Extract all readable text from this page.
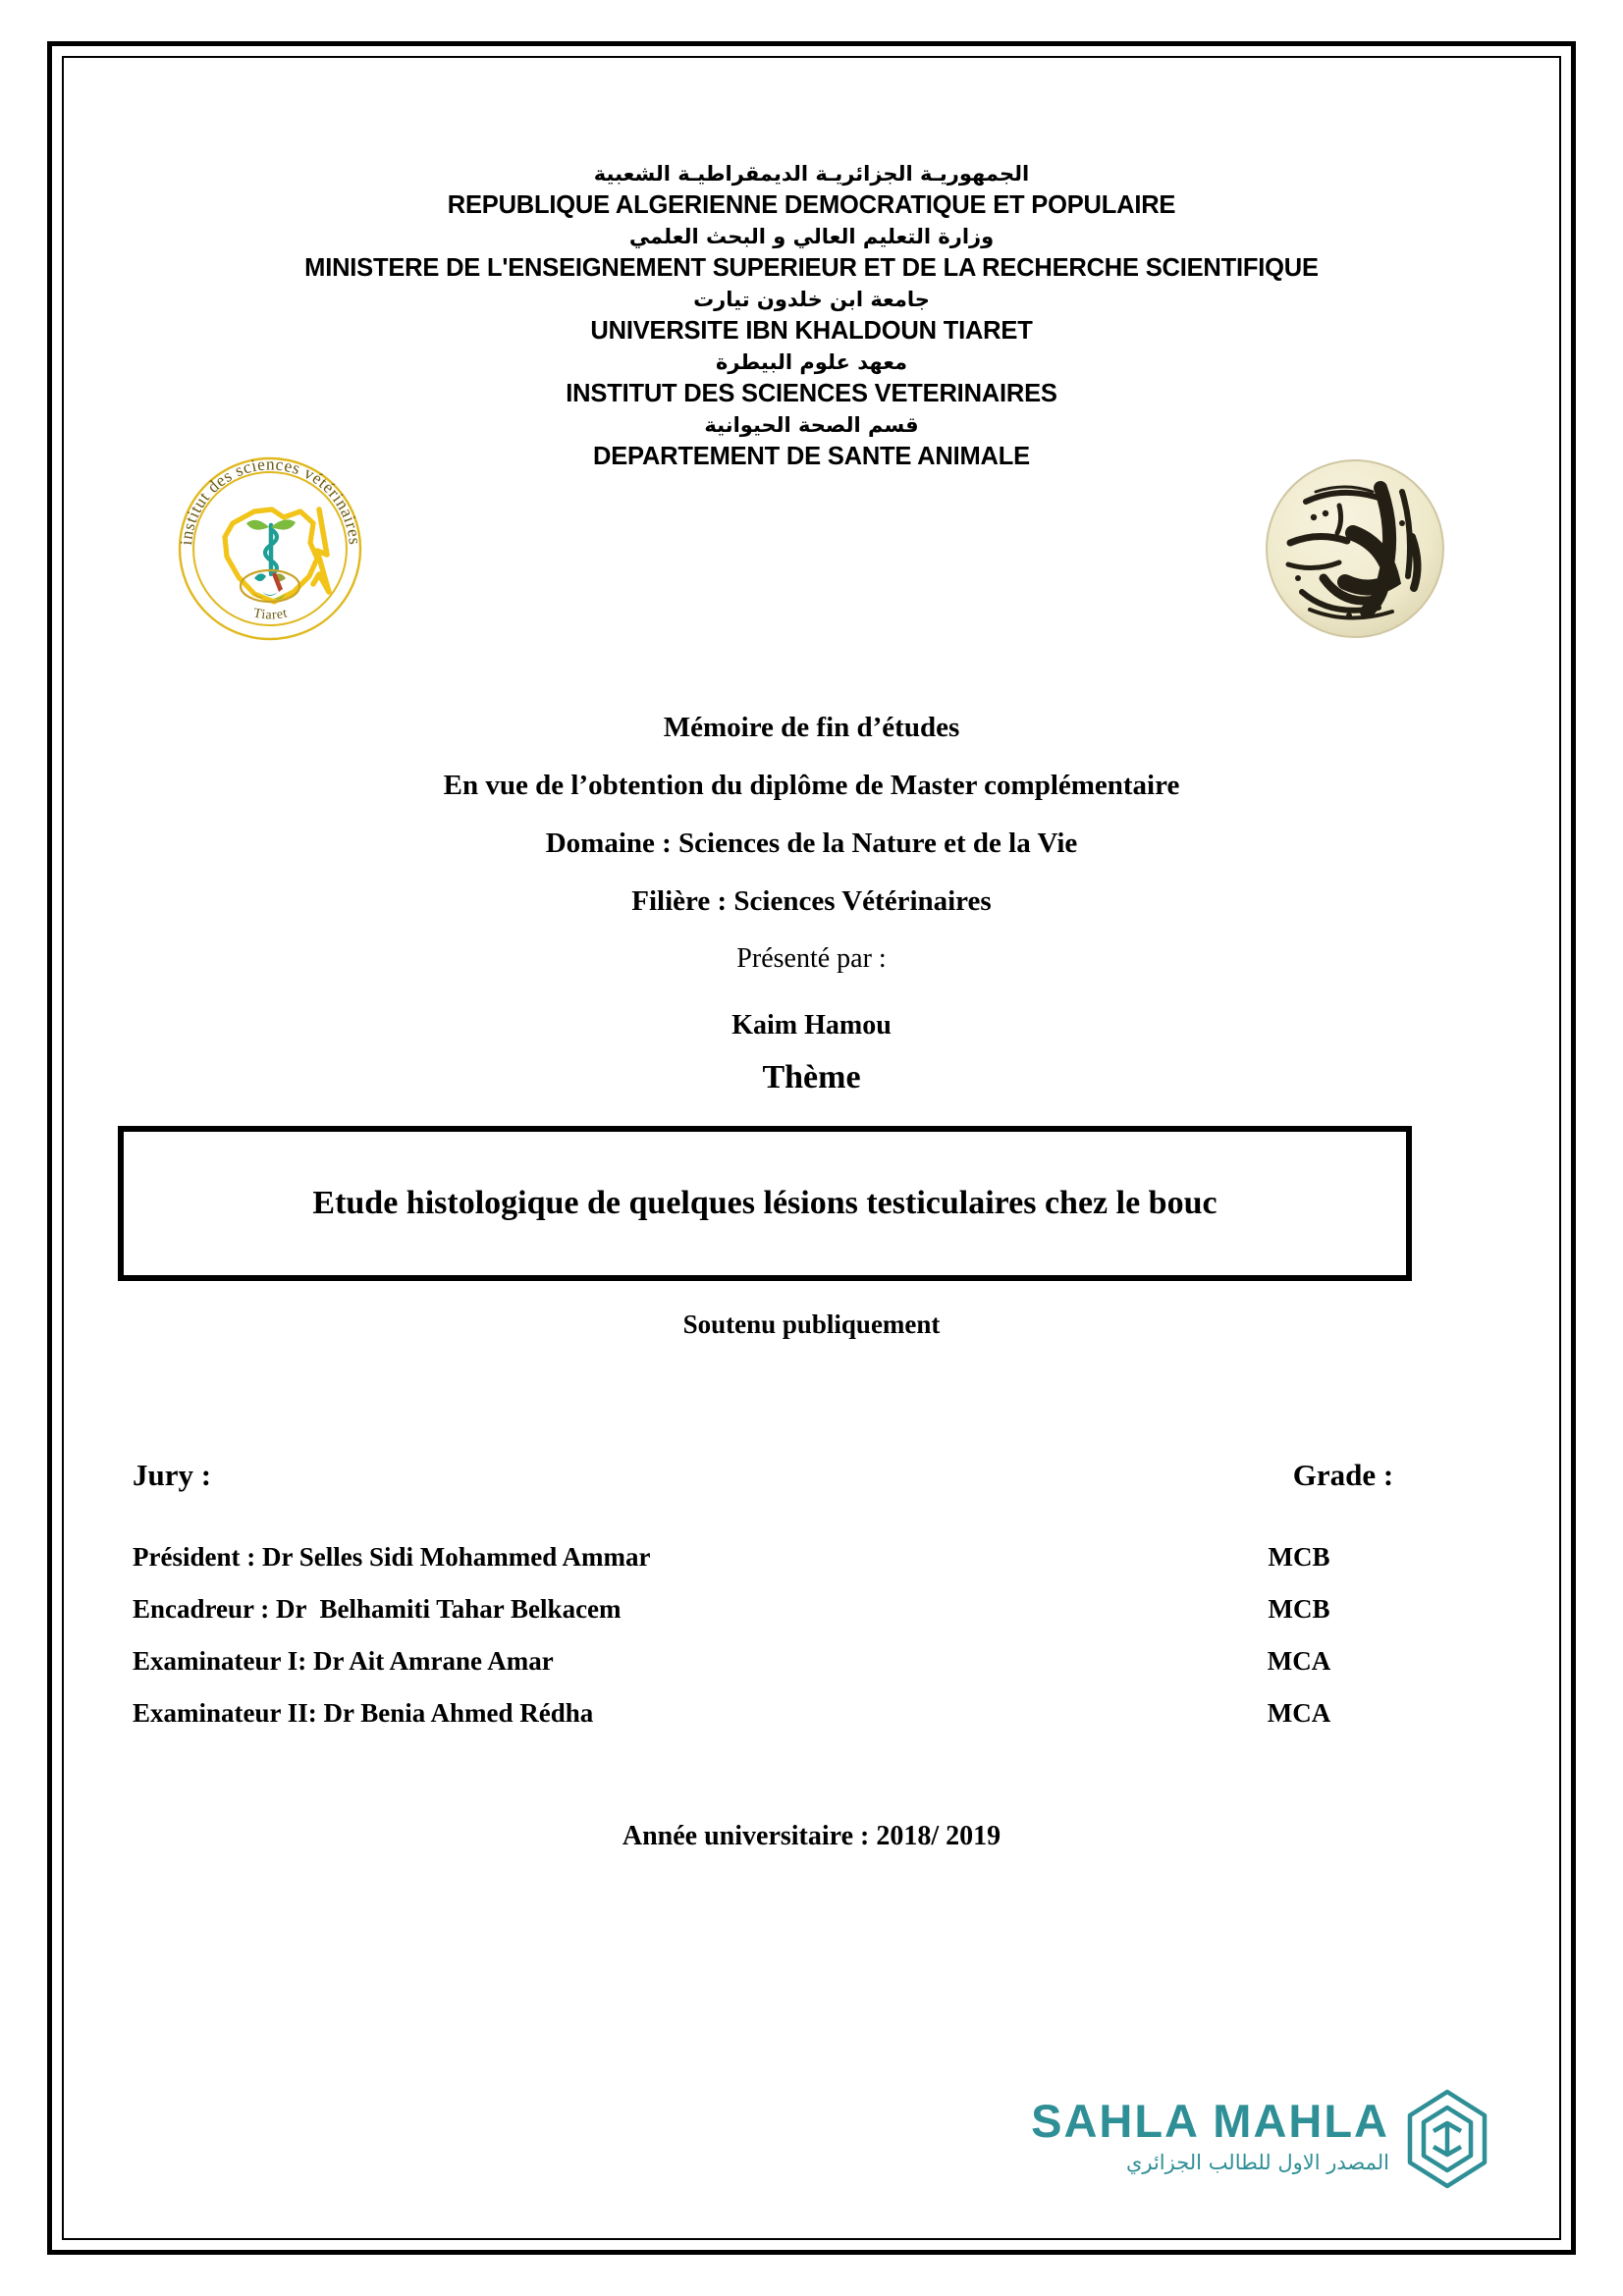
الجمهوريـة الجزائريـة الديمقراطيـة الشعبية
REPUBLIQUE ALGERIENNE DEMOCRATIQUE ET POPULAIRE
وزارة التعليم العالي و البحث العلمي
MINISTERE DE L'ENSEIGNEMENT SUPERIEUR ET DE LA RECHERCHE SCIENTIFIQUE
جامعة ابن خلدون تيارت
UNIVERSITE IBN KHALDOUN TIARET
معهد علوم البيطرة
INSTITUT DES SCIENCES VETERINAIRES
قسم الصحة الحيوانية
DEPARTEMENT DE SANTE ANIMALE
institut des sciences vétérinaires
Tiaret
Mémoire de fin d’études
En vue de l’obtention du diplôme de Master complémentaire
Domaine : Sciences de la Nature et de la Vie
Filière : Sciences Vétérinaires
Présenté par :
Kaim Hamou
Thème
Etude histologique de quelques lésions testiculaires chez le bouc
Soutenu publiquement
Jury :	Grade :
Président : Dr Selles Sidi Mohammed Ammar	MCB
Encadreur : Dr  Belhamiti Tahar Belkacem	MCB
Examinateur I: Dr Ait Amrane Amar	MCA
Examinateur II: Dr Benia Ahmed Rédha	MCA
Année universitaire : 2018/ 2019
SAHLA MAHLA
المصدر الاول للطالب الجزائري
